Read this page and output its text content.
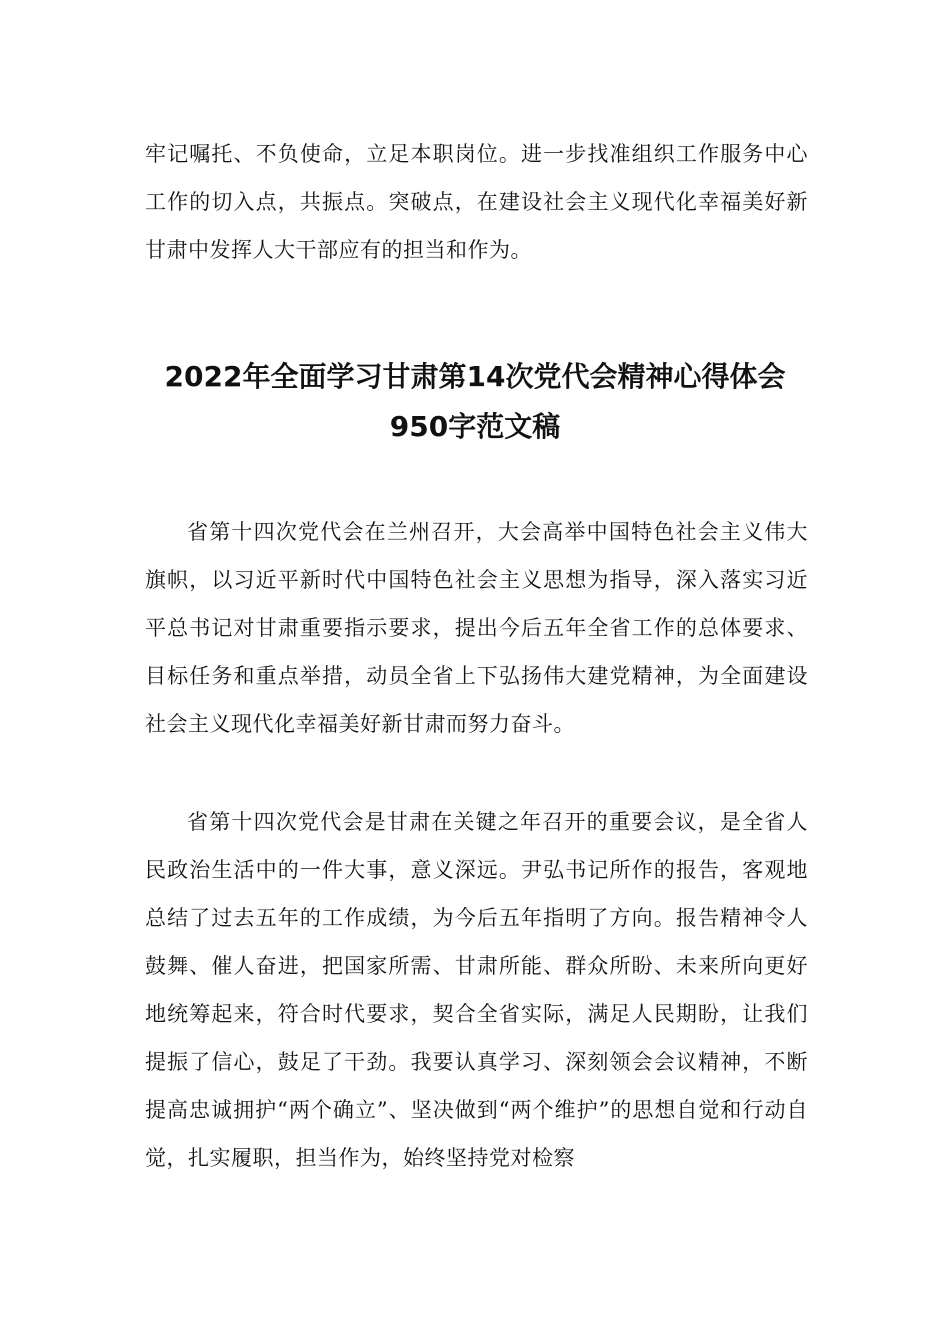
牢记嘱托、不负使命，立足本职岗位。进一步找准组织工作服务中心工作的切入点，共振点。突破点，在建设社会主义现代化幸福美好新甘肃中发挥人大干部应有的担当和作为。
2022年全面学习甘肃第14次党代会精神心得体会
950字范文稿
省第十四次党代会在兰州召开，大会高举中国特色社会主义伟大旗帜，以习近平新时代中国特色社会主义思想为指导，深入落实习近平总书记对甘肃重要指示要求，提出今后五年全省工作的总体要求、目标任务和重点举措，动员全省上下弘扬伟大建党精神，为全面建设社会主义现代化幸福美好新甘肃而努力奋斗。
省第十四次党代会是甘肃在关键之年召开的重要会议，是全省人民政治生活中的一件大事，意义深远。尹弘书记所作的报告，客观地总结了过去五年的工作成绩，为今后五年指明了方向。报告精神令人鼓舞、催人奋进，把国家所需、甘肃所能、群众所盼、未来所向更好地统筹起来，符合时代要求，契合全省实际，满足人民期盼，让我们提振了信心，鼓足了干劲。我要认真学习、深刻领会会议精神，不断提高忠诚拥护“两个确立”、坚决做到“两个维护”的思想自觉和行动自觉，扎实履职，担当作为，始终坚持党对检察
